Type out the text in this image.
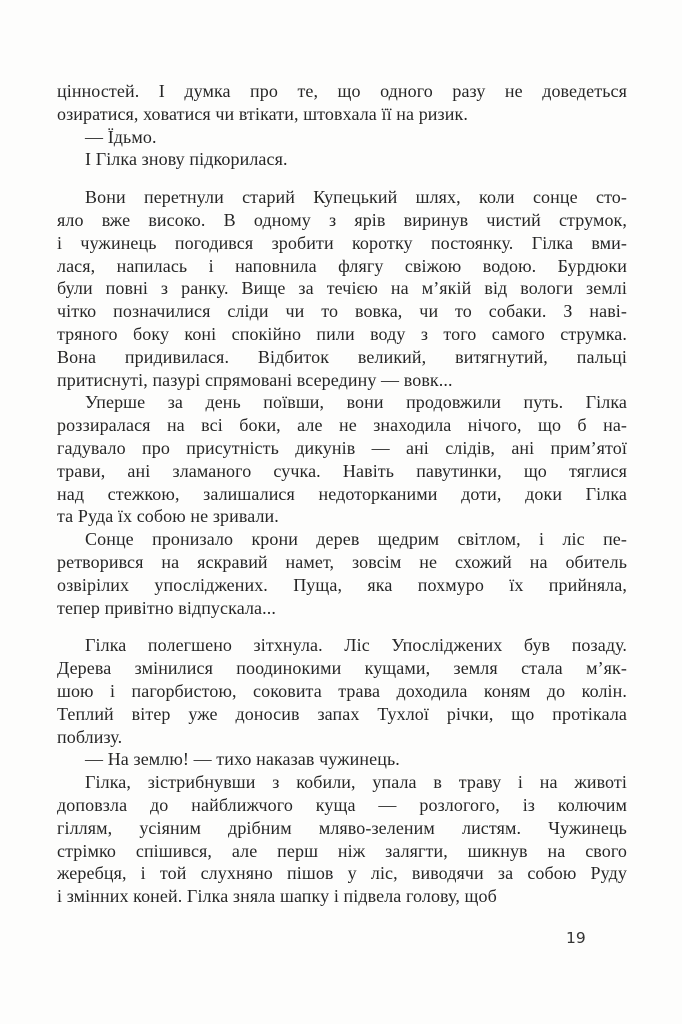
цінностей. І думка про те, що одного разу не доведеться
озиратися, ховатися чи втікати, штовхала її на ризик.
— Їдьмо.
І Гілка знову підкорилася.
Вони перетнули старий Купецький шлях, коли сонце сто-
яло вже високо. В одному з ярів виринув чистий струмок,
і чужинець погодився зробити коротку постоянку. Гілка вми-
лася, напилась і наповнила флягу свіжою водою. Бурдюки
були повні з ранку. Вище за течією на м’якій від вологи землі
чітко позначилися сліди чи то вовка, чи то собаки. З наві-
тряного боку коні спокійно пили воду з того самого струмка.
Вона придивилася. Відбиток великий, витягнутий, пальці
притиснуті, пазурі спрямовані всередину — вовк...
Уперше за день поївши, вони продовжили путь. Гілка
роззиралася на всі боки, але не знаходила нічого, що б на-
гадувало про присутність дикунів — ані слідів, ані прим’ятої
трави, ані зламаного сучка. Навіть павутинки, що тяглися
над стежкою, залишалися недоторканими доти, доки Гілка
та Руда їх собою не зривали.
Сонце пронизало крони дерев щедрим світлом, і ліс пе-
ретворився на яскравий намет, зовсім не схожий на обитель
озвірілих упосліджених. Пуща, яка похмуро їх прийняла,
тепер привітно відпускала...
Гілка полегшено зітхнула. Ліс Упосліджених був позаду.
Дерева змінилися поодинокими кущами, земля стала м’як-
шою і пагорбистою, соковита трава доходила коням до колін.
Теплий вітер уже доносив запах Тухлої річки, що протікала
поблизу.
— На землю! — тихо наказав чужинець.
Гілка, зістрибнувши з кобили, упала в траву і на животі
доповзла до найближчого куща — розлогого, із колючим
гіллям, усіяним дрібним мляво-зеленим листям. Чужинець
стрімко спішився, але перш ніж залягти, шикнув на свого
жеребця, і той слухняно пішов у ліс, виводячи за собою Руду
і змінних коней. Гілка зняла шапку і підвела голову, щоб
19
